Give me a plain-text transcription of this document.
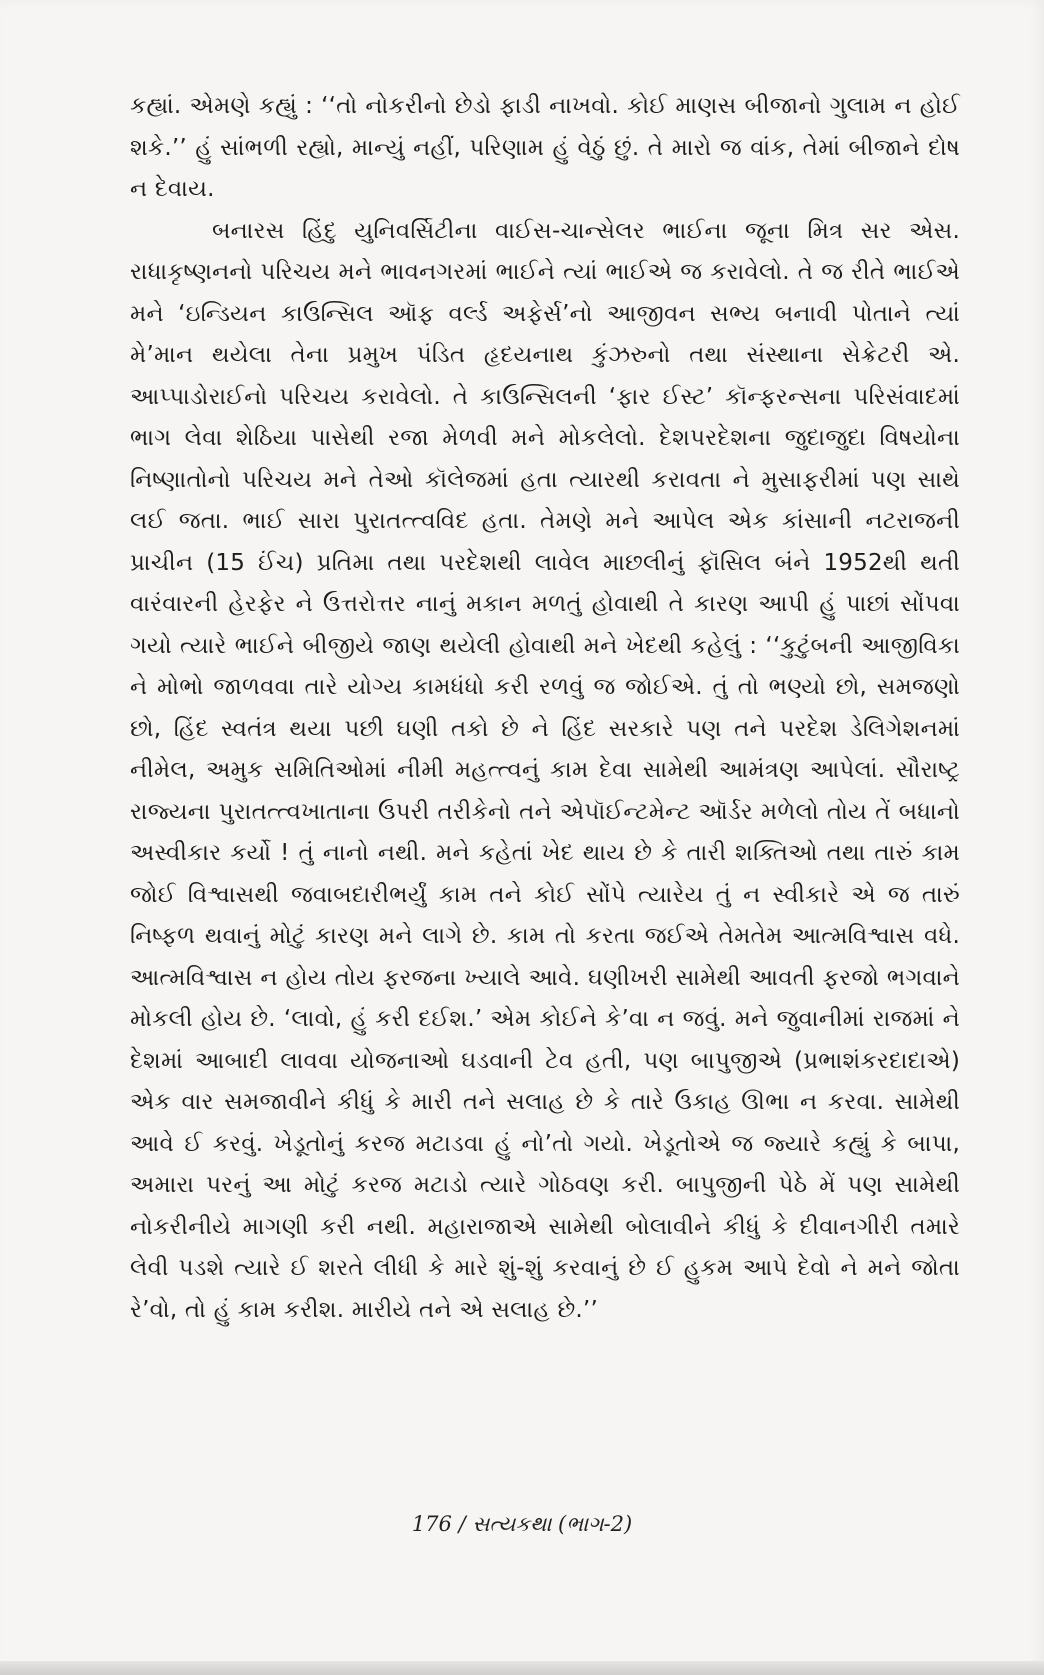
કહ્યાં. એમણે કહ્યું : ‘‘તો નોકરીનો છેડો ફાડી નાખવો. કોઈ માણસ બીજાનો ગુલામ ન હોઈ શકે.’’ હું સાંભળી રહ્યો, માન્યું નહીં, પરિણામ હું વેઠું છું. તે મારો જ વાંક, તેમાં બીજાને દોષ ન દેવાય.

બનારસ હિંદુ યુનિવર્સિટીના વાઈસ-ચાન્સેલર ભાઈના જૂના મિત્ર સર એસ. રાધાકૃષ્ણનનો પરિચય મને ભાવનગરમાં ભાઈને ત્યાં ભાઈએ જ કરાવેલો. તે જ રીતે ભાઈએ મને ‘ઇન્ડિયન કાઉન્સિલ ઑફ વર્લ્ડ અફેર્સ’નો આજીવન સભ્ય બનાવી પોતાને ત્યાં મે’માન થયેલા તેના પ્રમુખ પંડિત હૃદયનાથ કુંઝરુનો તથા સંસ્થાના સેક્રેટરી એ. આપ્પાડોરાઈનો પરિચય કરાવેલો. તે કાઉન્સિલની ‘ફાર ઈસ્ટ’ કૉન્ફરન્સના પરિસંવાદમાં ભાગ લેવા શેઠિયા પાસેથી રજા મેળવી મને મોકલેલો. દેશપરદેશના જુદાજુદા વિષયોના નિષ્ણાતોનો પરિચય મને તેઓ કૉલેજમાં હતા ત્યારથી કરાવતા ને મુસાફરીમાં પણ સાથે લઈ જતા. ભાઈ સારા પુરાતત્ત્વવિદ હતા. તેમણે મને આપેલ એક કાંસાની નટરાજની પ્રાચીન (15 ઈંચ) પ્રતિમા તથા પરદેશથી લાવેલ માછલીનું ફૉસિલ બંને 1952થી થતી વારંવારની હેરફેર ને ઉત્તરોત્તર નાનું મકાન મળતું હોવાથી તે કારણ આપી હું પાછાં સોંપવા ગયો ત્યારે ભાઈને બીજીયે જાણ થયેલી હોવાથી મને ખેદથી કહેલું : ‘‘કુટુંબની આજીવિકા ને મોભો જાળવવા તારે યોગ્ય કામધંધો કરી રળવું જ જોઈએ. તું તો ભણ્યો છો, સમજણો છો, હિંદ સ્વતંત્ર થયા પછી ઘણી તકો છે ને હિંદ સરકારે પણ તને પરદેશ ડેલિગેશનમાં નીમેલ, અમુક સમિતિઓમાં નીમી મહત્ત્વનું કામ દેવા સામેથી આમંત્રણ આપેલાં. સૌરાષ્ટ્ર રાજ્યના પુરાતત્ત્વખાતાના ઉપરી તરીકેનો તને એપૉઈન્ટમેન્ટ ઑર્ડર મળેલો તોય તેં બધાનો અસ્વીકાર કર્યો ! તું નાનો નથી. મને કહેતાં ખેદ થાય છે કે તારી શક્તિઓ તથા તારું કામ જોઈ વિશ્વાસથી જવાબદારીભર્યું કામ તને કોઈ સોંપે ત્યારેય તું ન સ્વીકારે એ જ તારું નિષ્ફળ થવાનું મોટું કારણ મને લાગે છે. કામ તો કરતા જઈએ તેમતેમ આત્મવિશ્વાસ વધે. આત્મવિશ્વાસ ન હોય તોય ફરજના ખ્યાલે આવે. ઘણીખરી સામેથી આવતી ફરજો ભગવાને મોકલી હોય છે. ‘લાવો, હું કરી દઈશ.’ એમ કોઈને કે’વા ન જવું. મને જુવાનીમાં રાજમાં ને દેશમાં આબાદી લાવવા યોજનાઓ ઘડવાની ટેવ હતી, પણ બાપુજીએ (પ્રભાશંકરદાદાએ) એક વાર સમજાવીને કીધું કે મારી તને સલાહ છે કે તારે ઉકાહ ઊભા ન કરવા. સામેથી આવે ઈ કરવું. ખેડૂતોનું કરજ મટાડવા હું નો’તો ગયો. ખેડૂતોએ જ જ્યારે કહ્યું કે બાપા, અમારા પરનું આ મોટું કરજ મટાડો ત્યારે ગોઠવણ કરી. બાપુજીની પેઠે મેં પણ સામેથી નોકરીનીયે માગણી કરી નથી. મહારાજાએ સામેથી બોલાવીને કીધું કે દીવાનગીરી તમારે લેવી પડશે ત્યારે ઈ શરતે લીધી કે મારે શું-શું કરવાનું છે ઈ હુકમ આપે દેવો ને મને જોતા રે’વો, તો હું કામ કરીશ. મારીયે તને એ સલાહ છે.’’

176 / સત્યકથા (ભાગ-2)
